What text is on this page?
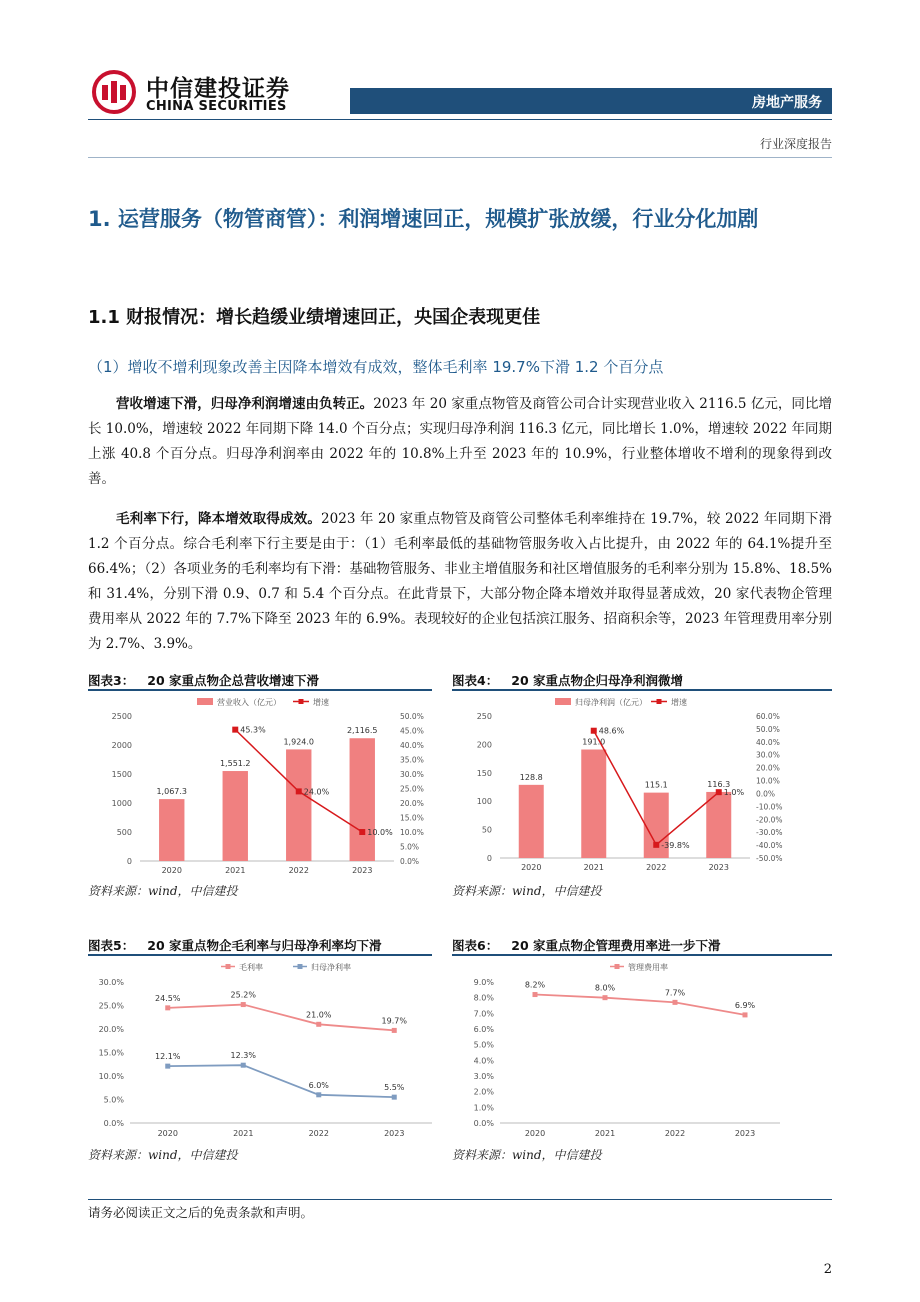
中信建投证券
CHINA SECURITIES	房地产服务
行业深度报告
1. 运营服务（物管商管）：利润增速回正，规模扩张放缓，行业分化加剧
1.1 财报情况：增长趋缓业绩增速回正，央国企表现更佳
（1）增收不增利现象改善主因降本增效有成效，整体毛利率 19.7%下滑 1.2 个百分点
营收增速下滑，归母净利润增速由负转正。2023 年 20 家重点物管及商管公司合计实现营业收入 2116.5 亿元，同比增长 10.0%，增速较 2022 年同期下降 14.0 个百分点；实现归母净利润 116.3 亿元，同比增长 1.0%，增速较 2022 年同期上涨 40.8 个百分点。归母净利润率由 2022 年的 10.8%上升至 2023 年的 10.9%，行业整体增收不增利的现象得到改善。
毛利率下行，降本增效取得成效。2023 年 20 家重点物管及商管公司整体毛利率维持在 19.7%，较 2022 年同期下滑 1.2 个百分点。综合毛利率下行主要是由于：（1）毛利率最低的基础物管服务收入占比提升，由 2022 年的 64.1%提升至 66.4%；（2）各项业务的毛利率均有下滑：基础物管服务、非业主增值服务和社区增值服务的毛利率分别为 15.8%、18.5%和 31.4%，分别下滑 0.9、0.7 和 5.4 个百分点。在此背景下，大部分物企降本增效并取得显著成效，20 家代表物企管理费用率从 2022 年的 7.7%下降至 2023 年的 6.9%。表现较好的企业包括滨江服务、招商积余等，2023 年管理费用率分别为 2.7%、3.9%。
图表3： 20 家重点物企总营收增速下滑
营业收入（亿元）	增速
0
500
1000
1500
2000
2500
0.0%
5.0%
10.0%
15.0%
20.0%
25.0%
30.0%
35.0%
40.0%
45.0%
50.0%
1,067.3
2020
1,551.2
2021
1,924.0
2022
2,116.5
2023
45.3%
24.0%
10.0%
资料来源：wind，中信建投
图表4： 20 家重点物企归母净利润微增
归母净利润（亿元）	增速
0
50
100
150
200
250
-50.0%
-40.0%
-30.0%
-20.0%
-10.0%
0.0%
10.0%
20.0%
30.0%
40.0%
50.0%
60.0%
128.8
2020
191.0
2021
115.1
2022
116.3
2023
48.6%
-39.8%
1.0%
资料来源：wind，中信建投
图表5： 20 家重点物企毛利率与归母净利率均下滑
毛利率	归母净利率
0.0%
5.0%
10.0%
15.0%
20.0%
25.0%
30.0%
2020	2021	2022	2023
24.5%	25.2%
21.0%
19.7%
12.1%	12.3%
6.0%	5.5%
资料来源：wind，中信建投
图表6： 20 家重点物企管理费用率进一步下滑
管理费用率
0.0%
1.0%
2.0%
3.0%
4.0%
5.0%
6.0%
7.0%
8.0%
9.0%
2020	2021	2022	2023
8.2%	8.0%
7.7%
6.9%
资料来源：wind，中信建投
请务必阅读正文之后的免责条款和声明。
2
